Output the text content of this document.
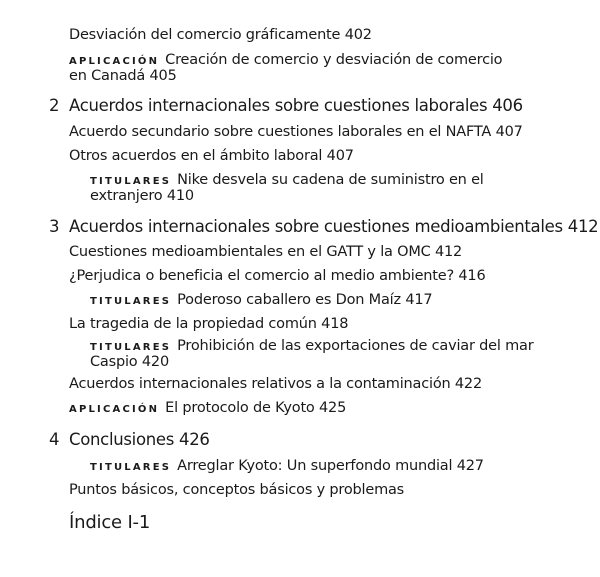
Desviación del comercio gráficamente 402
APLICACIÓN Creación de comercio y desviación de comercio
en Canadá 405
2 Acuerdos internacionales sobre cuestiones laborales 406
Acuerdo secundario sobre cuestiones laborales en el NAFTA 407
Otros acuerdos en el ámbito laboral 407
TITULARES Nike desvela su cadena de suministro en el
extranjero 410
3 Acuerdos internacionales sobre cuestiones medioambientales 412
Cuestiones medioambientales en el GATT y la OMC 412
¿Perjudica o beneficia el comercio al medio ambiente? 416
TITULARES Poderoso caballero es Don Maíz 417
La tragedia de la propiedad común 418
TITULARES Prohibición de las exportaciones de caviar del mar
Caspio 420
Acuerdos internacionales relativos a la contaminación 422
APLICACIÓN El protocolo de Kyoto 425
4 Conclusiones 426
TITULARES Arreglar Kyoto: Un superfondo mundial 427
Puntos básicos, conceptos básicos y problemas
Índice I-1
